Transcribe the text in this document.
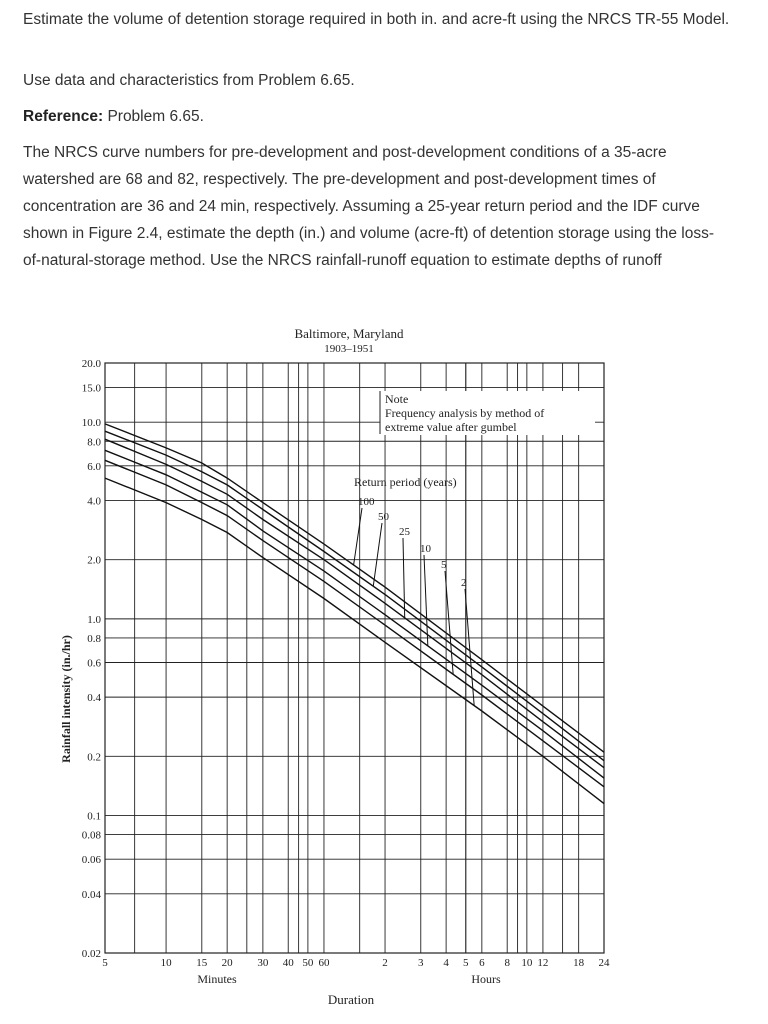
Estimate the volume of detention storage required in both in. and acre-ft using the NRCS TR-55 Model.

Use data and characteristics from Problem 6.65.

Reference: Problem 6.65.

The NRCS curve numbers for pre-development and post-development conditions of a 35-acre watershed are 68 and 82, respectively. The pre-development and post-development times of concentration are 36 and 24 min, respectively. Assuming a 25-year return period and the IDF curve shown in Figure 2.4, estimate the depth (in.) and volume (acre-ft) of detention storage using the loss-of-natural-storage method. Use the NRCS rainfall-runoff equation to estimate depths of runoff

Baltimore, Maryland
1903–1951
20.0
15.0
10.0
8.0
6.0
4.0
2.0
1.0
0.8
0.6
0.4
0.2
0.1
0.08
0.06
0.04
0.02
5	10 15 20 30 40 50 60	2	3 4 5 6 8 10 12 18 24
Return period (years)
100
50
25
10
5
2
Note
Frequency analysis by method of
extreme value after gumbel
Rainfall intensity (in./hr)
Minutes	Hours
Duration
